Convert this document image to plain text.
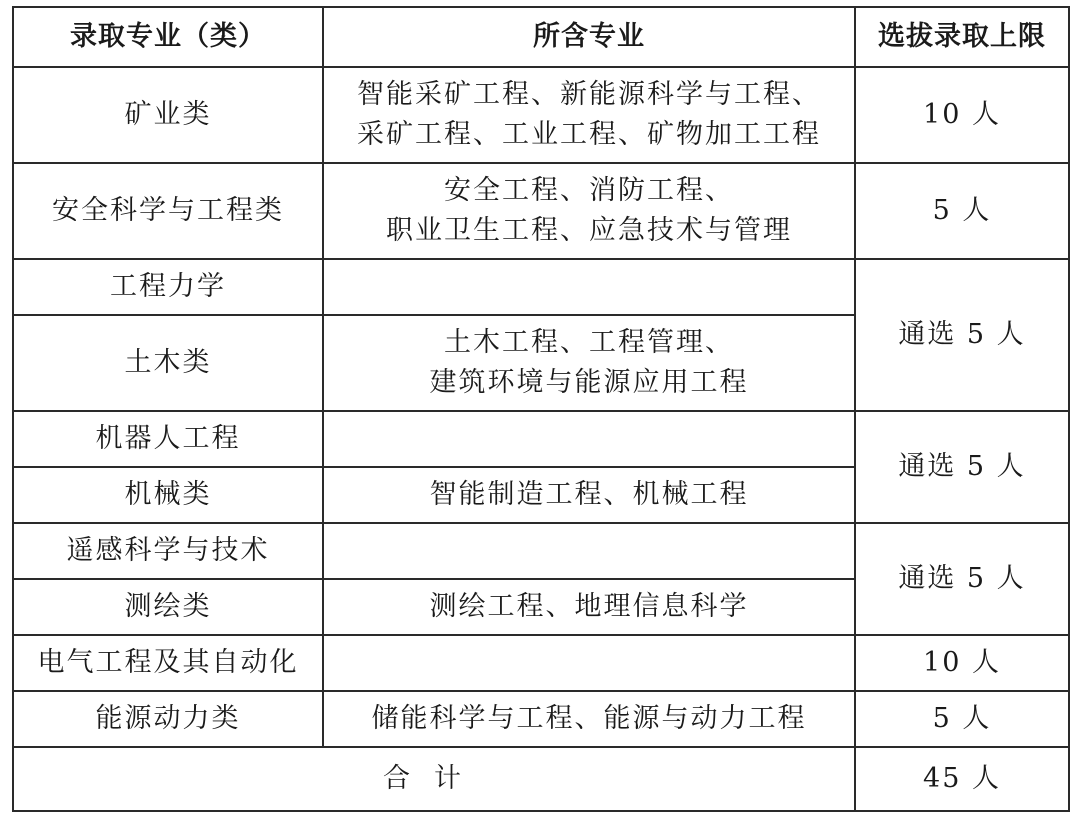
录取专业（类）	所含专业	选拔录取上限
矿业类	智能采矿工程、新能源科学与工程、
采矿工程、工业工程、矿物加工工程	10 人
安全科学与工程类	安全工程、消防工程、
职业卫生工程、应急技术与管理	5 人
工程力学		通选 5 人
土木类	土木工程、工程管理、
建筑环境与能源应用工程	

机器人工程		通选 5 人
机械类	智能制造工程、机械工程	
遥感科学与技术		通选 5 人
测绘类	测绘工程、地理信息科学	
电气工程及其自动化		10 人
能源动力类	储能科学与工程、能源与动力工程	5 人
合计		45 人
